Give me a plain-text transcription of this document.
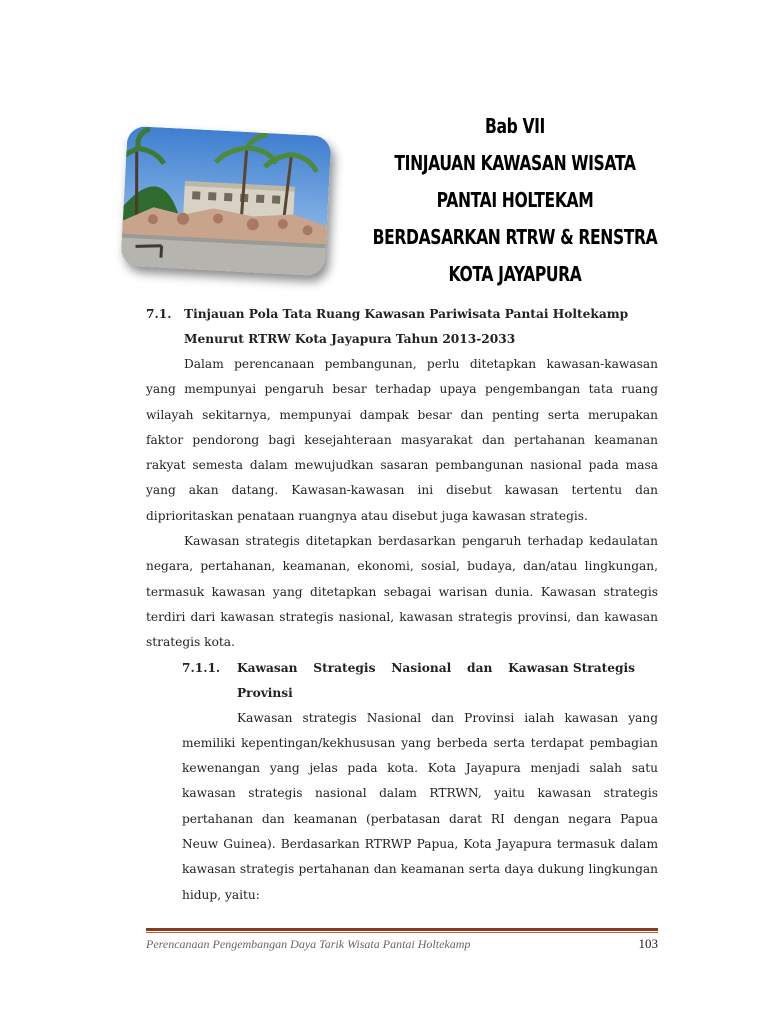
Bab VII
TINJAUAN KAWASAN WISATA
PANTAI HOLTEKAM BERDASARKAN RTRW & RENSTRA
KOTA JAYAPURA
7.1. Tinjauan Pola Tata Ruang Kawasan Pariwisata Pantai Holtekamp
Menurut RTRW Kota Jayapura Tahun 2013-2033

Dalam perencanaan pembangunan, perlu ditetapkan kawasan-kawasan yang mempunyai pengaruh besar terhadap upaya pengembangan tata ruang wilayah sekitarnya, mempunyai dampak besar dan penting serta merupakan faktor pendorong bagi kesejahteraan masyarakat dan pertahanan keamanan rakyat semesta dalam mewujudkan sasaran pembangunan nasional pada masa yang akan datang. Kawasan-kawasan ini disebut kawasan tertentu dan diprioritaskan penataan ruangnya atau disebut juga kawasan strategis.

Kawasan strategis ditetapkan berdasarkan pengaruh terhadap kedaulatan negara, pertahanan, keamanan, ekonomi, sosial, budaya, dan/atau lingkungan, termasuk kawasan yang ditetapkan sebagai warisan dunia. Kawasan strategis terdiri dari kawasan strategis nasional, kawasan strategis provinsi, dan kawasan strategis kota.

7.1.1.	Kawasan Strategis Nasional dan Kawasan Strategis
Provinsi

Kawasan strategis Nasional dan Provinsi ialah kawasan yang memiliki kepentingan/kekhususan yang berbeda serta terdapat pembagian kewenangan yang jelas pada kota. Kota Jayapura menjadi salah satu kawasan strategis nasional dalam RTRWN, yaitu kawasan strategis pertahanan dan keamanan (perbatasan darat RI dengan negara Papua Neuw Guinea). Berdasarkan RTRWP Papua, Kota Jayapura termasuk dalam kawasan strategis pertahanan dan keamanan serta daya dukung lingkungan hidup, yaitu:

Perencanaan Pengembangan Daya Tarik Wisata Pantai Holtekamp	103
